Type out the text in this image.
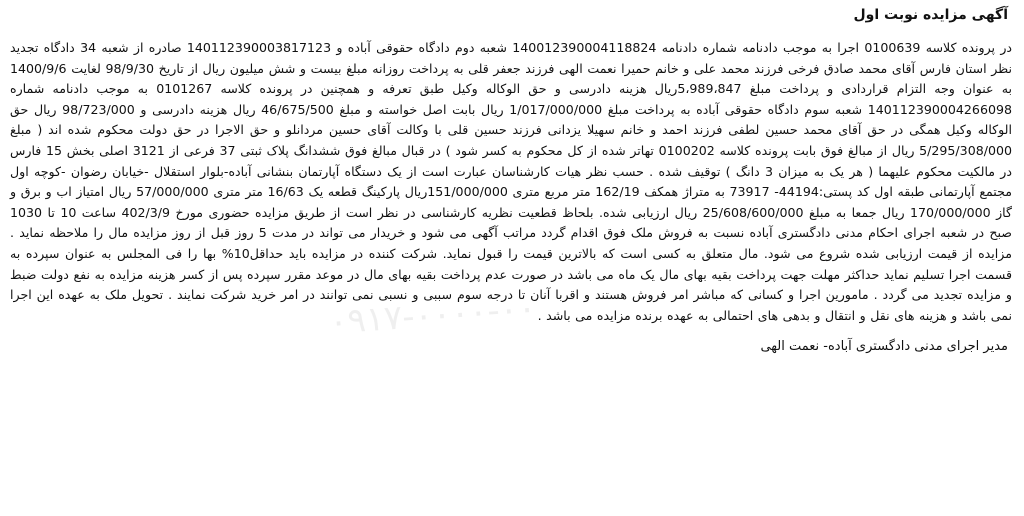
آگهی مزایده نوبت اول

در پرونده کلاسه 0100639 اجرا به موجب دادنامه شماره دادنامه 140012390004118824 شعبه دوم دادگاه حقوقی آباده و 140112390003817123 صادره از شعبه 34 دادگاه تجدید نظر استان فارس آقای محمد صادق فرخی فرزند محمد علی و خانم حمیرا نعمت الهی فرزند جعفر قلی به پرداخت روزانه مبلغ بیست و شش میلیون ریال از تاریخ 98/9/30 لغایت 1400/9/6 به عنوان وجه التزام قراردادی و پرداخت مبلغ 5،989،847ریال هزینه دادرسی و حق الوکاله وکیل طبق تعرفه و همچنین در پرونده کلاسه 0101267 به موجب دادنامه شماره 140112390004266098 شعبه سوم دادگاه حقوقی آباده به پرداخت مبلغ 1/017/000/000 ریال بابت اصل خواسته و مبلغ 46/675/500 ریال هزینه دادرسی و 98/723/000 ریال حق الوکاله وکیل همگی در حق آقای محمد حسین لطفی فرزند احمد و خانم سهیلا یزدانی فرزند حسین قلی با وکالت آقای حسین مردانلو و حق الاجرا در حق دولت محکوم شده اند ( مبلغ 5/295/308/000 ریال از مبالغ فوق بابت پرونده کلاسه 0100202 تهاتر شده از کل محکوم به کسر شود ) در قبال مبالغ فوق ششدانگ پلاک ثبتی 37 فرعی از 3121 اصلی بخش 15 فارس در مالکیت محکوم علیهما ( هر یک به میزان 3 دانگ ) توقیف شده . حسب نظر هیات کارشناسان عبارت است از یک دستگاه آپارتمان بنشانی آباده-بلوار استقلال -خیابان رضوان -کوچه اول مجتمع آپارتمانی طبقه اول کد پستی:44194- 73917 به متراژ همکف 162/19 متر مربع متری 151/000/000ریال پارکینگ قطعه یک 16/63 متر متری 57/000/000 ریال امتیاز اب و برق و گاز 170/000/000 ریال جمعا به مبلغ 25/608/600/000 ریال ارزیابی شده. بلحاظ قطعیت نظریه کارشناسی در نظر است از طریق مزایده حضوری مورخ 402/3/9 ساعت 10 تا 1030 صبح در شعبه اجرای احکام مدنی دادگستری آباده نسبت به فروش ملک فوق اقدام گردد مراتب آگهی می شود و خریدار می تواند در مدت 5 روز قبل از روز مزایده مال را ملاحظه نماید . مزایده از قیمت ارزیابی شده شروع می شود. مال متعلق به کسی است که بالاترین قیمت را قبول نماید. شرکت کننده در مزایده باید حداقل10% بها را فی المجلس به عنوان سپرده به قسمت اجرا تسلیم نماید حداکثر مهلت جهت پرداخت بقیه بهای مال یک ماه می باشد در صورت عدم پرداخت بقیه بهای مال در موعد مقرر سپرده پس از کسر هزینه مزایده به نفع دولت ضبط و مزایده تجدید می گردد . مامورین اجرا و کسانی که مباشر امر فروش هستند و اقربا آنان تا درجه سوم سببی و نسبی نمی توانند در امر خرید شرکت نمایند . تحویل ملک به عهده این اجرا نمی باشد و هزینه های نقل و انتقال و بدهی های احتمالی به عهده برنده مزایده می باشد .

مدیر اجرای مدنی دادگستری آباده- نعمت الهی
۰۹۱۷-۰۰۰۰-۰۰
